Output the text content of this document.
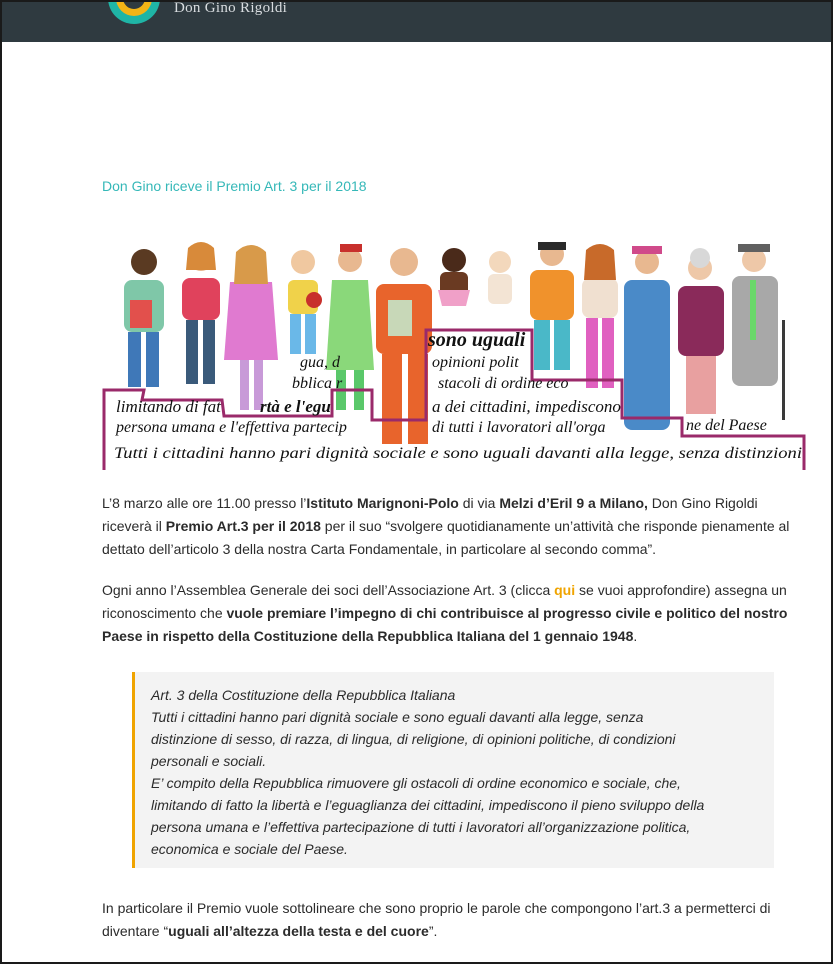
Don Gino Rigoldi
Don Gino riceve il Premio Art. 3 per il 2018
sono uguali
gua, d	opinioni polit
bblica r	stacoli di ordine eco
limitando di fat rtà e l'egu	a dei cittadini, impediscono
persona umana e l'effettiva partecip	di tutti i lavoratori all'orga	ne del Paese
Tutti i cittadini hanno pari dignità sociale e sono uguali davanti alla legge, senza distinzioni

L’8 marzo alle ore 11.00 presso l’Istituto Marignoni-Polo di via Melzi d’Eril 9 a Milano, Don Gino Rigoldi riceverà il Premio Art.3 per il 2018 per il suo “svolgere quotidianamente un’attività che risponde pienamente al dettato dell’articolo 3 della nostra Carta Fondamentale, in particolare al secondo comma”.

Ogni anno l’Assemblea Generale dei soci dell’Associazione Art. 3 (clicca qui se vuoi approfondire) assegna un riconoscimento che vuole premiare l’impegno di chi contribuisce al progresso civile e politico del nostro Paese in rispetto della Costituzione della Repubblica Italiana del 1 gennaio 1948.

Art. 3 della Costituzione della Repubblica Italiana

Tutti i cittadini hanno pari dignità sociale e sono eguali davanti alla legge, senza distinzione di sesso, di razza, di lingua, di religione, di opinioni politiche, di condizioni personali e sociali.

E’ compito della Repubblica rimuovere gli ostacoli di ordine economico e sociale, che, limitando di fatto la libertà e l’eguaglianza dei cittadini, impediscono il pieno sviluppo della persona umana e l’effettiva partecipazione di tutti i lavoratori all’organizzazione politica, economica e sociale del Paese.

In particolare il Premio vuole sottolineare che sono proprio le parole che compongono l’art.3 a permetterci di diventare “uguali all’altezza della testa e del cuore”.
